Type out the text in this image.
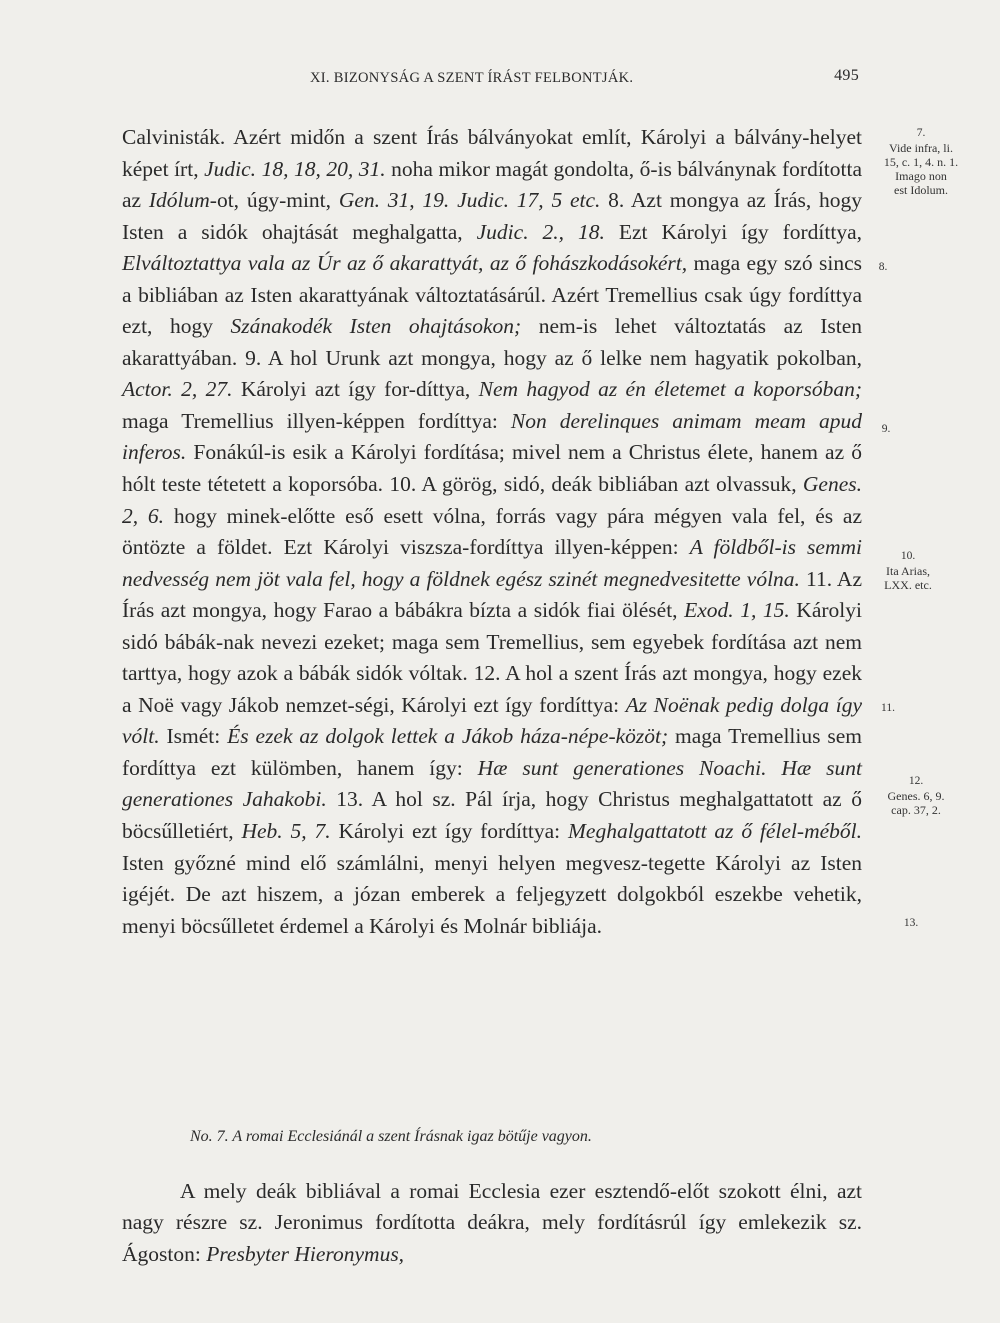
XI. BIZONYSÁG A SZENT ÍRÁST FELBONTJÁK.	495

Calvinisták. Azért midőn a szent Írás bálványokat említ, Károlyi a bálvány-helyet képet írt, Judic. 18, 18, 20, 31. noha mikor magát gondolta, ő-is bálványnak fordította az Idólum-ot, úgy-mint, Gen. 31, 19. Judic. 17, 5 etc. 8. Azt mongya az Írás, hogy Isten a sidók ohajtását meghalgatta, Judic. 2., 18. Ezt Károlyi így fordíttya, Elváltoztattya vala az Úr az ő akarattyát, az ő fohászkodásokért, maga egy szó sincs a bibliában az Isten akarattyának változtatásárúl. Azért Tremellius csak úgy fordíttya ezt, hogy Szánakodék Isten ohajtásokon; nem-is lehet változtatás az Isten akarattyában. 9. A hol Urunk azt mongya, hogy az ő lelke nem hagyatik pokolban, Actor. 2, 27. Károlyi azt így for-díttya, Nem hagyod az én életemet a koporsóban; maga Tremellius illyen-képpen fordíttya: Non derelinques animam meam apud inferos. Fonákúl-is esik a Károlyi fordítása; mivel nem a Christus élete, hanem az ő hólt teste tétetett a koporsóba. 10. A görög, sidó, deák bibliában azt olvassuk, Genes. 2, 6. hogy minek-előtte eső esett vólna, forrás vagy pára mégyen vala fel, és az öntözte a földet. Ezt Károlyi viszsza-fordíttya illyen-képpen: A földből-is semmi nedvesség nem jöt vala fel, hogy a földnek egész szinét megnedvesitette vólna. 11. Az Írás azt mongya, hogy Farao a bábákra bízta a sidók fiai ölését, Exod. 1, 15. Károlyi sidó bábák-nak nevezi ezeket; maga sem Tremellius, sem egyebek fordítása azt nem tarttya, hogy azok a bábák sidók vóltak. 12. A hol a szent Írás azt mongya, hogy ezek a Noë vagy Jákob nemzet-ségi, Károlyi ezt így fordíttya: Az Noënak pedig dolga így vólt. Ismét: És ezek az dolgok lettek a Jákob háza-népe-közöt; maga Tremellius sem fordíttya ezt külömben, hanem így: Hæ sunt generationes Noachi. Hæ sunt generationes Jahakobi. 13. A hol sz. Pál írja, hogy Christus meghalgattatott az ő böcsűlletiért, Heb. 5, 7. Károlyi ezt így fordíttya: Meghalgattatott az ő félel-méből. Isten győzné mind elő számlálni, menyi helyen megvesz-tegette Károlyi az Isten igéjét. De azt hiszem, a józan emberek a feljegyzett dolgokból eszekbe vehetik, menyi böcsűlletet érdemel a Károlyi és Molnár bibliája.

No. 7. A romai Ecclesiánál a szent Írásnak igaz bötűje vagyon.

A mely deák bibliával a romai Ecclesia ezer esztendő-előt szokott élni, azt nagy részre sz. Jeronimus fordította deákra, mely fordításrúl így emlekezik sz. Ágoston: Presbyter Hieronymus,

7.
Vide infra, li.
15, c. 1, 4. n. 1.
Imago non
est Idolum.
8.
9.
10.
Ita Arias,
LXX. etc.
11.
12.
Genes. 6, 9.
cap. 37, 2.
13.
